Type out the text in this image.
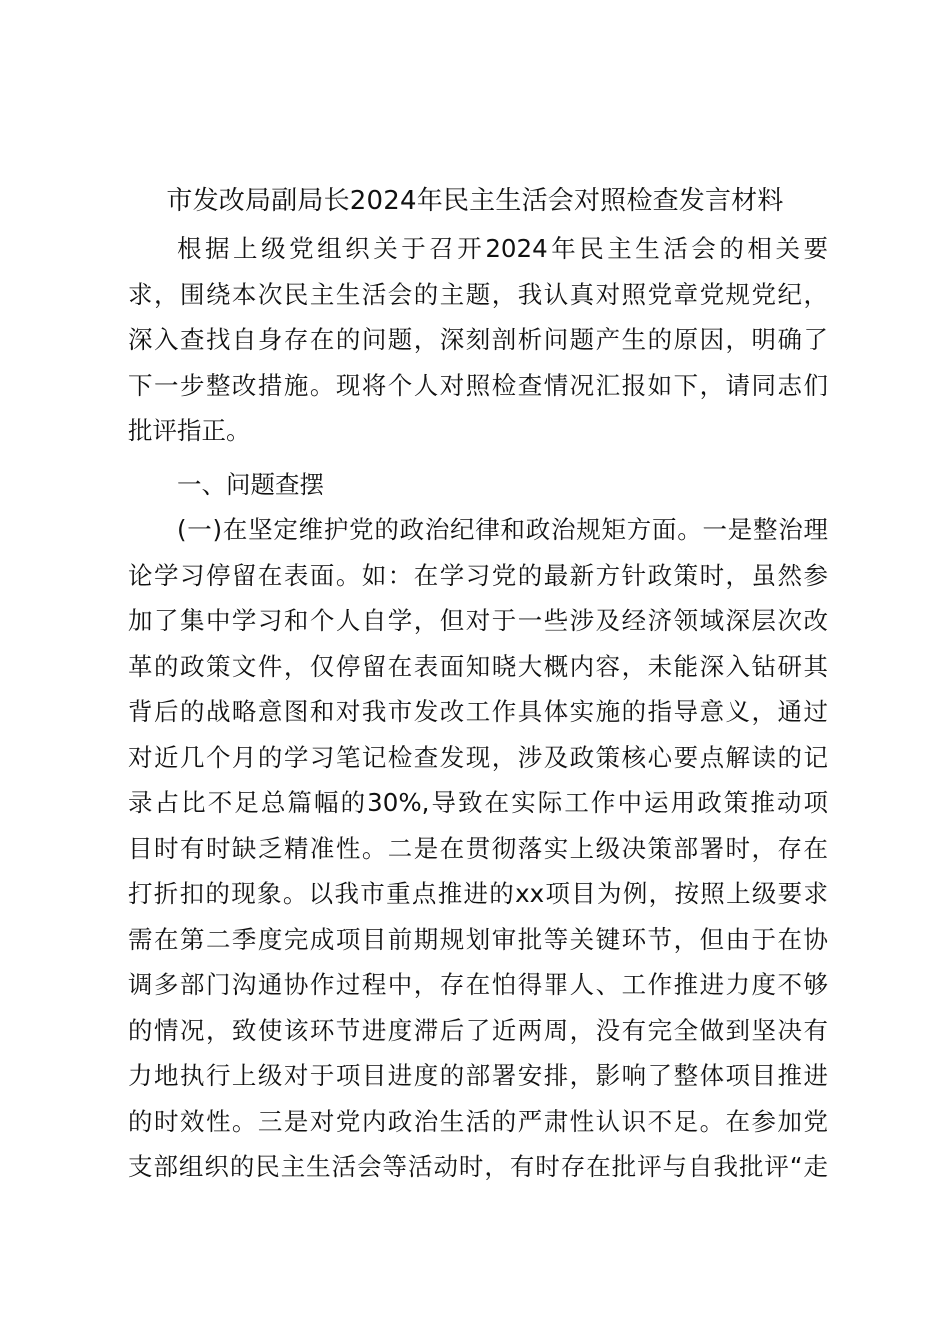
市发改局副局长2024年民主生活会对照检查发言材料
根据上级党组织关于召开2024年民主生活会的相关要
求，围绕本次民主生活会的主题，我认真对照党章党规党纪，
深入查找自身存在的问题，深刻剖析问题产生的原因，明确了
下一步整改措施。现将个人对照检查情况汇报如下，请同志们
批评指正。
一、问题查摆
(一)在坚定维护党的政治纪律和政治规矩方面。一是整治理
论学习停留在表面。如：在学习党的最新方针政策时，虽然参
加了集中学习和个人自学，但对于一些涉及经济领域深层次改
革的政策文件，仅停留在表面知晓大概内容，未能深入钻研其
背后的战略意图和对我市发改工作具体实施的指导意义，通过
对近几个月的学习笔记检查发现，涉及政策核心要点解读的记
录占比不足总篇幅的30%,导致在实际工作中运用政策推动项
目时有时缺乏精准性。二是在贯彻落实上级决策部署时，存在
打折扣的现象。以我市重点推进的xx项目为例，按照上级要求
需在第二季度完成项目前期规划审批等关键环节，但由于在协
调多部门沟通协作过程中，存在怕得罪人、工作推进力度不够
的情况，致使该环节进度滞后了近两周，没有完全做到坚决有
力地执行上级对于项目进度的部署安排，影响了整体项目推进
的时效性。三是对党内政治生活的严肃性认识不足。在参加党
支部组织的民主生活会等活动时，有时存在批评与自我批评“走
